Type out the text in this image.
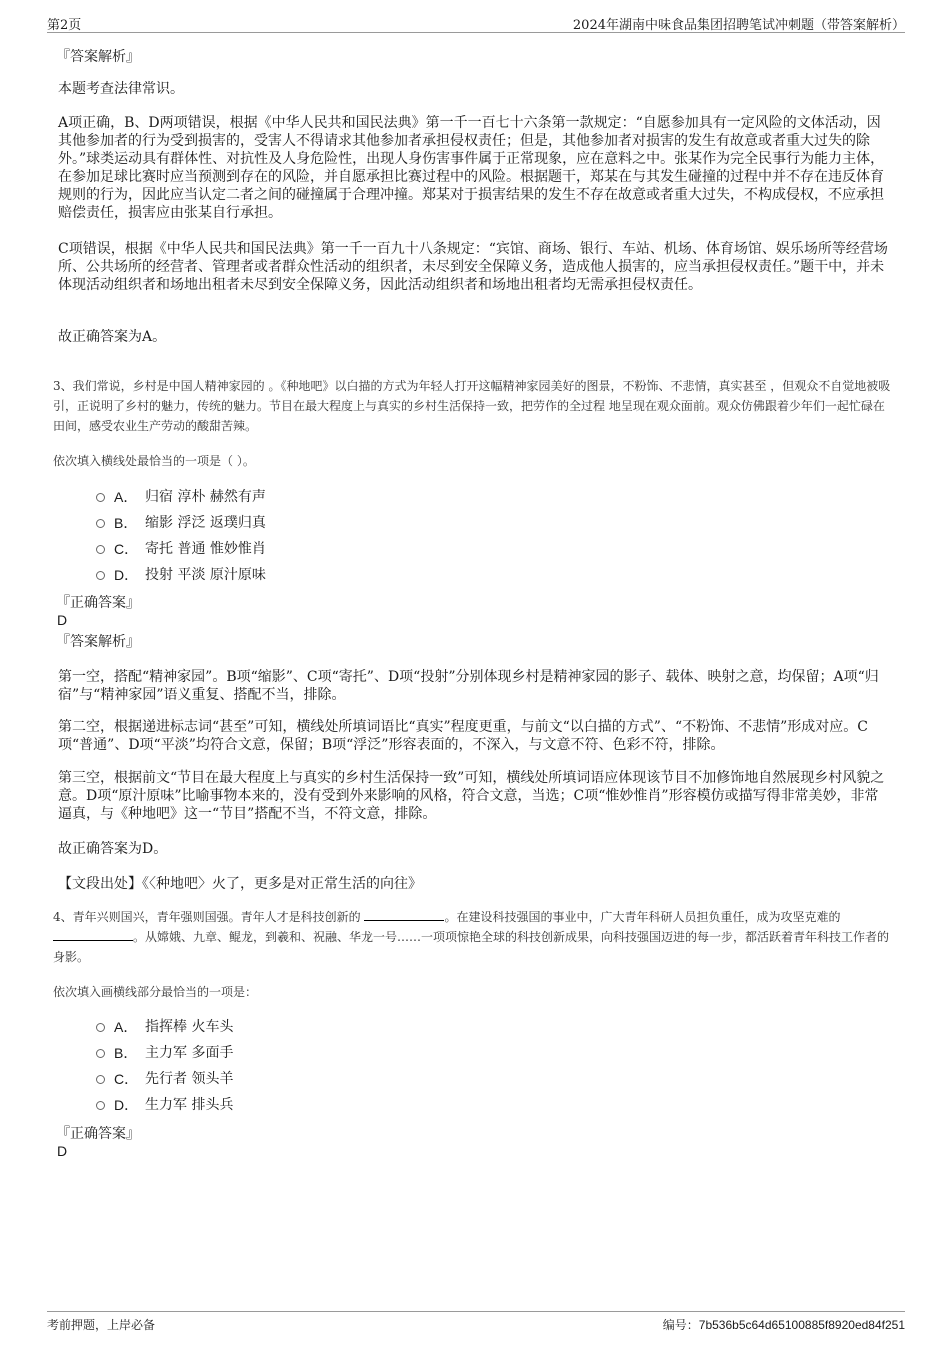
第2页	2024年湖南中味食品集团招聘笔试冲刺题（带答案解析）
『答案解析』
本题考查法律常识。
A项正确，B、D两项错误，根据《中华人民共和国民法典》第一千一百七十六条第一款规定：“自愿参加具有一定风险的文体活动，因其他参加者的行为受到损害的，受害人不得请求其他参加者承担侵权责任；但是，其他参加者对损害的发生有故意或者重大过失的除外。”球类运动具有群体性、对抗性及人身危险性，出现人身伤害事件属于正常现象，应在意料之中。张某作为完全民事行为能力主体，在参加足球比赛时应当预测到存在的风险，并自愿承担比赛过程中的风险。根据题干，郑某在与其发生碰撞的过程中并不存在违反体育规则的行为，因此应当认定二者之间的碰撞属于合理冲撞。郑某对于损害结果的发生不存在故意或者重大过失，不构成侵权，不应承担赔偿责任，损害应由张某自行承担。
C项错误，根据《中华人民共和国民法典》第一千一百九十八条规定：“宾馆、商场、银行、车站、机场、体育场馆、娱乐场所等经营场所、公共场所的经营者、管理者或者群众性活动的组织者，未尽到安全保障义务，造成他人损害的，应当承担侵权责任。”题干中，并未体现活动组织者和场地出租者未尽到安全保障义务，因此活动组织者和场地出租者均无需承担侵权责任。
故正确答案为A。
3、我们常说，乡村是中国人精神家园的 。《种地吧》以白描的方式为年轻人打开这幅精神家园美好的图景，不粉饰、不悲情，真实甚至 ，但观众不自觉地被吸引，正说明了乡村的魅力，传统的魅力。节目在最大程度上与真实的乡村生活保持一致，把劳作的全过程 地呈现在观众面前。观众仿佛跟着少年们一起忙碌在田间，感受农业生产劳动的酸甜苦辣。
依次填入横线处最恰当的一项是（ ）。
A． 归宿 淳朴 赫然有声
B． 缩影 浮泛 返璞归真
C． 寄托 普通 惟妙惟肖
D． 投射 平淡 原汁原味
『正确答案』
D
『答案解析』
第一空，搭配“精神家园”。B项“缩影”、C项“寄托”、D项“投射”分别体现乡村是精神家园的影子、载体、映射之意，均保留；A项“归宿”与“精神家园”语义重复、搭配不当，排除。
第二空，根据递进标志词“甚至”可知，横线处所填词语比“真实”程度更重，与前文“以白描的方式”、“不粉饰、不悲情”形成对应。C项“普通”、D项“平淡”均符合文意，保留；B项“浮泛”形容表面的，不深入，与文意不符、色彩不符，排除。
第三空，根据前文“节目在最大程度上与真实的乡村生活保持一致”可知，横线处所填词语应体现该节目不加修饰地自然展现乡村风貌之意。D项“原汁原味”比喻事物本来的，没有受到外来影响的风格，符合文意，当选；C项“惟妙惟肖”形容模仿或描写得非常美妙，非常逼真，与《种地吧》这一“节目”搭配不当，不符文意，排除。
故正确答案为D。
【文段出处】《〈种地吧〉火了，更多是对正常生活的向往》
4、青年兴则国兴，青年强则国强。青年人才是科技创新的	。在建设科技强国的事业中，广大青年科研人员担负重任，成为攻坚克难的 。从嫦娥、九章、鲲龙，到羲和、祝融、华龙一号……一项项惊艳全球的科技创新成果，向科技强国迈进的每一步，都活跃着青年科技工作者的身影。
依次填入画横线部分最恰当的一项是：
A． 指挥棒 火车头
B． 主力军 多面手
C． 先行者 领头羊
D． 生力军 排头兵
『正确答案』
D
考前押题，上岸必备	编号：7b536b5c64d65100885f8920ed84f251
